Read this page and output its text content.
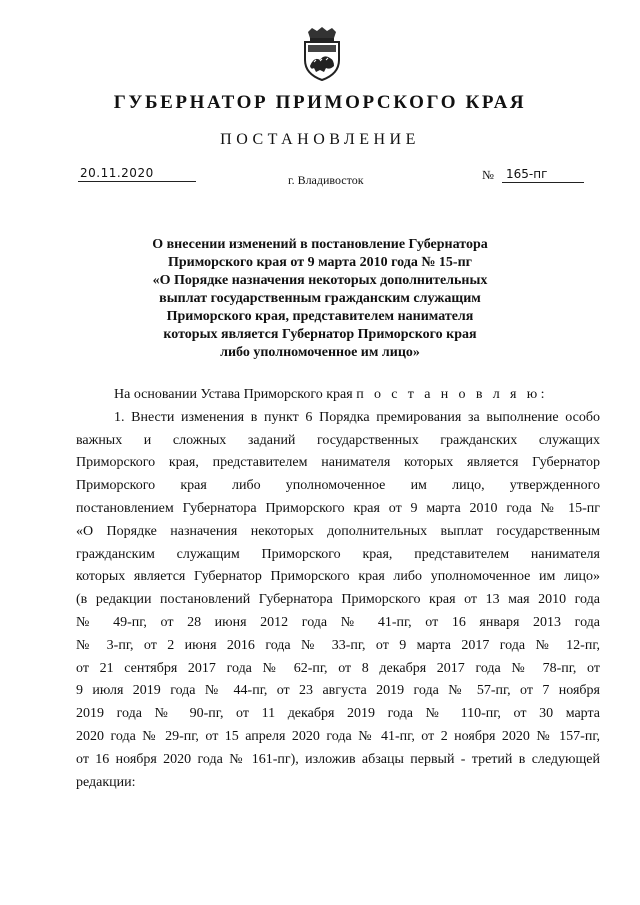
ГУБЕРНАТОР ПРИМОРСКОГО КРАЯ
ПОСТАНОВЛЕНИЕ
20.11.2020	г. Владивосток	№	165-пг
О внесении изменений в постановление Губернатора
Приморского края от 9 марта 2010 года № 15-пг
«О Порядке назначения некоторых дополнительных
выплат государственным гражданским служащим
Приморского края, представителем нанимателя
которых является Губернатор Приморского края
либо уполномоченное им лицо»
На основании Устава Приморского края п о с т а н о в л я ю:
1. Внести изменения в пункт 6 Порядка премирования за выполнение особо
важных и сложных заданий государственных гражданских служащих
Приморского края, представителем нанимателя которых является Губернатор
Приморского края либо уполномоченное им лицо, утвержденного
постановлением Губернатора Приморского края от 9 марта 2010 года № 15-пг
«О Порядке назначения некоторых дополнительных выплат государственным
гражданским служащим Приморского края, представителем нанимателя
которых является Губернатор Приморского края либо уполномоченное им лицо»
(в редакции постановлений Губернатора Приморского края от 13 мая 2010 года
№ 49-пг, от 28 июня 2012 года № 41-пг, от 16 января 2013 года
№ 3-пг, от 2 июня 2016 года № 33-пг, от 9 марта 2017 года № 12-пг,
от 21 сентября 2017 года № 62-пг, от 8 декабря 2017 года № 78-пг, от
9 июля 2019 года № 44-пг, от 23 августа 2019 года № 57-пг, от 7 ноября
2019 года № 90-пг, от 11 декабря 2019 года № 110-пг, от 30 марта
2020 года № 29-пг, от 15 апреля 2020 года № 41-пг, от 2 ноября 2020 № 157-пг,
от 16 ноября 2020 года № 161-пг), изложив абзацы первый - третий в следующей
редакции:
